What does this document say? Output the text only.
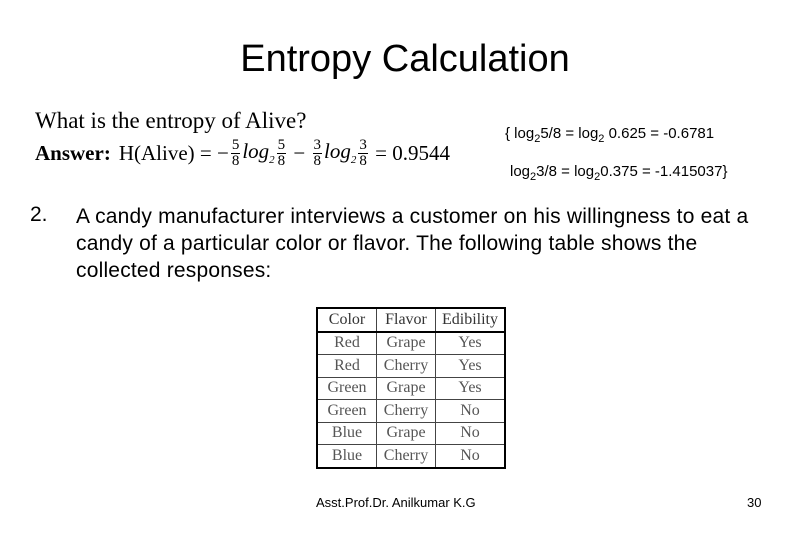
Entropy Calculation
What is the entropy of Alive?
Answer: H(Alive) = − $\frac{5}{8} \log_2 \frac{5}{8} - \frac{3}{8} \log_2 \frac{3}{8} = 0.9544$
{ $\log_25/8 = \log_2 0.625 = -0.6781$
$\log_23/8 = \log_20.375 = -1.415037$}
2. A candy manufacturer interviews a customer on his willingness to eat a candy of a particular color or flavor. The following table shows the collected responses:
Color	Flavor	Edibility
Red	Grape	Yes
Red	Cherry	Yes
Green	Grape	Yes
Green	Cherry	No
Blue	Grape	No
Blue	Cherry	No
Asst.Prof.Dr. Anilkumar K.G	30
